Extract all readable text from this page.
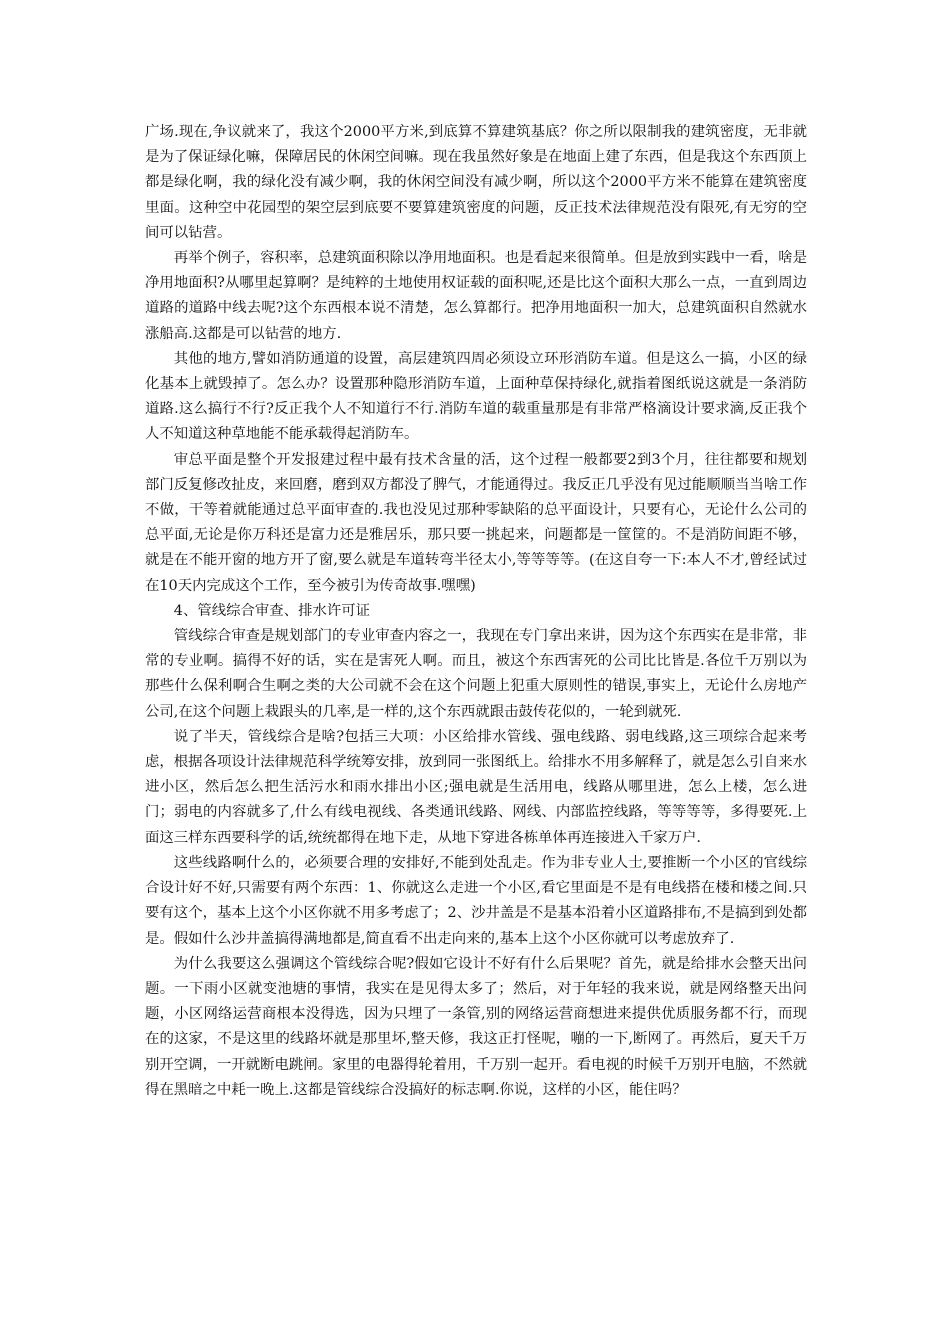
广场.现在,争议就来了，我这个2000平方米,到底算不算建筑基底？你之所以限制我的建筑密度，无非就是为了保证绿化嘛，保障居民的休闲空间嘛。现在我虽然好象是在地面上建了东西，但是我这个东西顶上都是绿化啊，我的绿化没有减少啊，我的休闲空间没有减少啊，所以这个2000平方米不能算在建筑密度里面。这种空中花园型的架空层到底要不要算建筑密度的问题，反正技术法律规范没有限死,有无穷的空间可以钻营。

再举个例子，容积率，总建筑面积除以净用地面积。也是看起来很简单。但是放到实践中一看，啥是净用地面积?从哪里起算啊？是纯粹的土地使用权证载的面积呢,还是比这个面积大那么一点，一直到周边道路的道路中线去呢?这个东西根本说不清楚，怎么算都行。把净用地面积一加大，总建筑面积自然就水涨船高.这都是可以钻营的地方.

其他的地方,譬如消防通道的设置，高层建筑四周必须设立环形消防车道。但是这么一搞，小区的绿化基本上就毁掉了。怎么办？设置那种隐形消防车道，上面种草保持绿化,就指着图纸说这就是一条消防道路.这么搞行不行?反正我个人不知道行不行.消防车道的载重量那是有非常严格滴设计要求滴,反正我个人不知道这种草地能不能承载得起消防车。

审总平面是整个开发报建过程中最有技术含量的活，这个过程一般都要2到3个月，往往都要和规划部门反复修改扯皮，来回磨，磨到双方都没了脾气，才能通得过。我反正几乎没有见过能顺顺当当啥工作不做，干等着就能通过总平面审查的.我也没见过那种零缺陷的总平面设计，只要有心，无论什么公司的总平面,无论是你万科还是富力还是雅居乐，那只要一挑起来，问题都是一筐筐的。不是消防间距不够，就是在不能开窗的地方开了窗,要么就是车道转弯半径太小,等等等等。(在这自夸一下:本人不才,曾经试过在10天内完成这个工作，至今被引为传奇故事.嘿嘿)

4、管线综合审查、排水许可证

管线综合审查是规划部门的专业审查内容之一，我现在专门拿出来讲，因为这个东西实在是非常，非常的专业啊。搞得不好的话，实在是害死人啊。而且，被这个东西害死的公司比比皆是.各位千万别以为那些什么保利啊合生啊之类的大公司就不会在这个问题上犯重大原则性的错误,事实上，无论什么房地产公司,在这个问题上栽跟头的几率,是一样的,这个东西就跟击鼓传花似的，一轮到就死.

说了半天，管线综合是啥?包括三大项：小区给排水管线、强电线路、弱电线路,这三项综合起来考虑，根据各项设计法律规范科学统筹安排，放到同一张图纸上。给排水不用多解释了，就是怎么引自来水进小区，然后怎么把生活污水和雨水排出小区;强电就是生活用电，线路从哪里进，怎么上楼，怎么进门；弱电的内容就多了,什么有线电视线、各类通讯线路、网线、内部监控线路，等等等等，多得要死.上面这三样东西要科学的话,统统都得在地下走，从地下穿进各栋单体再连接进入千家万户.

这些线路啊什么的，必须要合理的安排好,不能到处乱走。作为非专业人士,要推断一个小区的官线综合设计好不好,只需要有两个东西：1、你就这么走进一个小区,看它里面是不是有电线搭在楼和楼之间.只要有这个，基本上这个小区你就不用多考虑了；2、沙井盖是不是基本沿着小区道路排布,不是搞到到处都是。假如什么沙井盖搞得满地都是,简直看不出走向来的,基本上这个小区你就可以考虑放弃了.

为什么我要这么强调这个管线综合呢?假如它设计不好有什么后果呢？首先，就是给排水会整天出问题。一下雨小区就变池塘的事情，我实在是见得太多了；然后，对于年轻的我来说，就是网络整天出问题，小区网络运营商根本没得选，因为只埋了一条管,别的网络运营商想进来提供优质服务都不行，而现在的这家，不是这里的线路坏就是那里坏,整天修，我这正打怪呢，嘣的一下,断网了。再然后，夏天千万别开空调，一开就断电跳闸。家里的电器得轮着用，千万别一起开。看电视的时候千万别开电脑，不然就得在黑暗之中耗一晚上.这都是管线综合没搞好的标志啊.你说，这样的小区，能住吗？
